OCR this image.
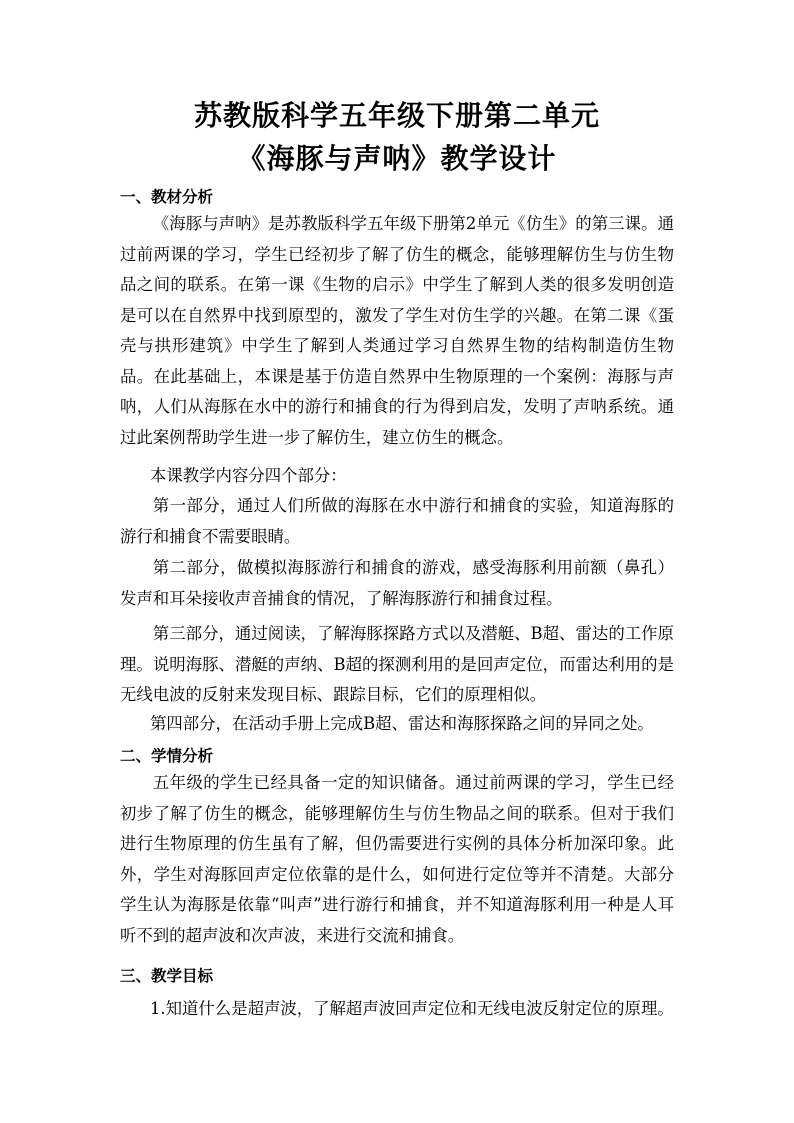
苏教版科学五年级下册第二单元
《海豚与声呐》教学设计
一、教材分析

《海豚与声呐》是苏教版科学五年级下册第2单元《仿生》的第三课。通过前两课的学习，学生已经初步了解了仿生的概念，能够理解仿生与仿生物品之间的联系。在第一课《生物的启示》中学生了解到人类的很多发明创造是可以在自然界中找到原型的，激发了学生对仿生学的兴趣。在第二课《蛋壳与拱形建筑》中学生了解到人类通过学习自然界生物的结构制造仿生物品。在此基础上，本课是基于仿造自然界中生物原理的一个案例：海豚与声呐，人们从海豚在水中的游行和捕食的行为得到启发，发明了声呐系统。通过此案例帮助学生进一步了解仿生，建立仿生的概念。

本课教学内容分四个部分：

第一部分，通过人们所做的海豚在水中游行和捕食的实验，知道海豚的游行和捕食不需要眼睛。

第二部分，做模拟海豚游行和捕食的游戏，感受海豚利用前额（鼻孔）发声和耳朵接收声音捕食的情况，了解海豚游行和捕食过程。

第三部分，通过阅读，了解海豚探路方式以及潜艇、B超、雷达的工作原理。说明海豚、潜艇的声纳、B超的探测利用的是回声定位，而雷达利用的是无线电波的反射来发现目标、跟踪目标，它们的原理相似。

第四部分，在活动手册上完成B超、雷达和海豚探路之间的异同之处。

二、学情分析

五年级的学生已经具备一定的知识储备。通过前两课的学习，学生已经初步了解了仿生的概念，能够理解仿生与仿生物品之间的联系。但对于我们进行生物原理的仿生虽有了解，但仍需要进行实例的具体分析加深印象。此外，学生对海豚回声定位依靠的是什么，如何进行定位等并不清楚。大部分学生认为海豚是依靠“叫声”进行游行和捕食，并不知道海豚利用一种是人耳听不到的超声波和次声波，来进行交流和捕食。

三、教学目标

1.知道什么是超声波，了解超声波回声定位和无线电波反射定位的原理。
